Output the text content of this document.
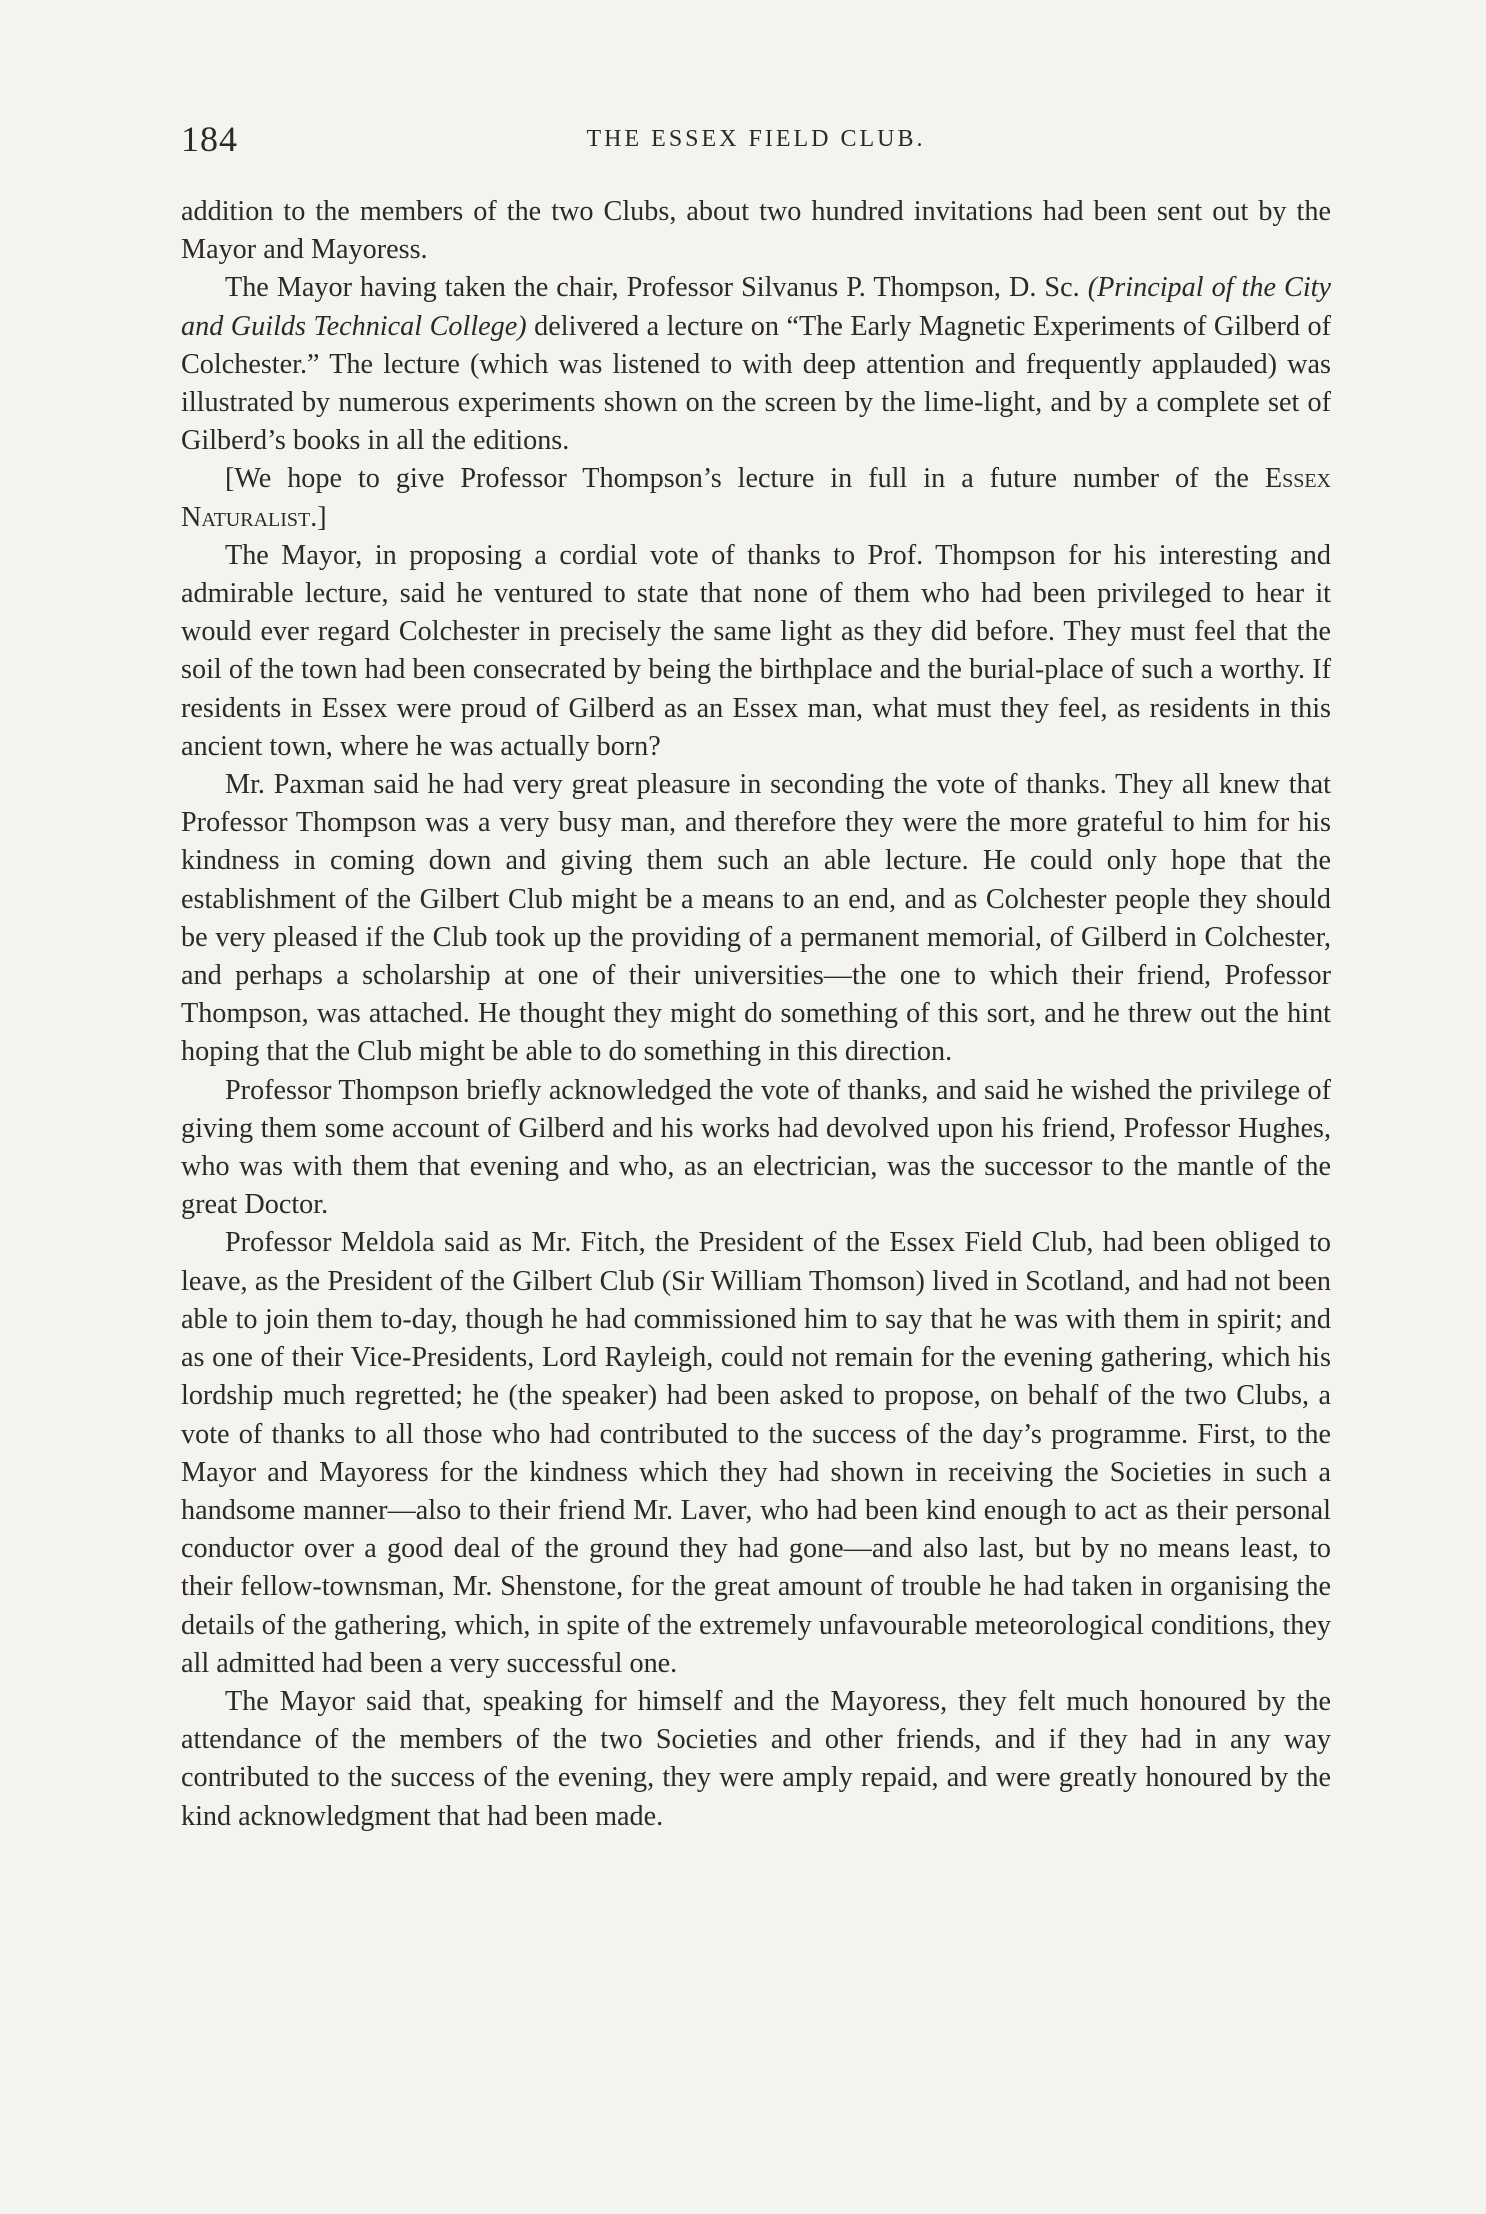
184	THE ESSEX FIELD CLUB.

addition to the members of the two Clubs, about two hundred invitations had been sent out by the Mayor and Mayoress.

The Mayor having taken the chair, Professor Silvanus P. Thompson, D. Sc. (Principal of the City and Guilds Technical College) delivered a lecture on “The Early Magnetic Experiments of Gilberd of Colchester.” The lecture (which was listened to with deep attention and frequently applauded) was illustrated by numerous experiments shown on the screen by the lime-light, and by a complete set of Gilberd’s books in all the editions.

[We hope to give Professor Thompson’s lecture in full in a future number of the Essex Naturalist.]

The Mayor, in proposing a cordial vote of thanks to Prof. Thompson for his interesting and admirable lecture, said he ventured to state that none of them who had been privileged to hear it would ever regard Colchester in precisely the same light as they did before. They must feel that the soil of the town had been consecrated by being the birthplace and the burial-place of such a worthy. If residents in Essex were proud of Gilberd as an Essex man, what must they feel, as residents in this ancient town, where he was actually born?

Mr. Paxman said he had very great pleasure in seconding the vote of thanks. They all knew that Professor Thompson was a very busy man, and therefore they were the more grateful to him for his kindness in coming down and giving them such an able lecture. He could only hope that the establishment of the Gilbert Club might be a means to an end, and as Colchester people they should be very pleased if the Club took up the providing of a permanent memorial, of Gilberd in Colchester, and perhaps a scholarship at one of their universities—the one to which their friend, Professor Thompson, was attached. He thought they might do something of this sort, and he threw out the hint hoping that the Club might be able to do something in this direction.

Professor Thompson briefly acknowledged the vote of thanks, and said he wished the privilege of giving them some account of Gilberd and his works had devolved upon his friend, Professor Hughes, who was with them that evening and who, as an electrician, was the successor to the mantle of the great Doctor.

Professor Meldola said as Mr. Fitch, the President of the Essex Field Club, had been obliged to leave, as the President of the Gilbert Club (Sir William Thomson) lived in Scotland, and had not been able to join them to-day, though he had commissioned him to say that he was with them in spirit; and as one of their Vice-Presidents, Lord Rayleigh, could not remain for the evening gathering, which his lordship much regretted; he (the speaker) had been asked to propose, on behalf of the two Clubs, a vote of thanks to all those who had contributed to the success of the day’s programme. First, to the Mayor and Mayoress for the kindness which they had shown in receiving the Societies in such a handsome manner—also to their friend Mr. Laver, who had been kind enough to act as their personal conductor over a good deal of the ground they had gone—and also last, but by no means least, to their fellow-townsman, Mr. Shenstone, for the great amount of trouble he had taken in organising the details of the gathering, which, in spite of the extremely unfavourable meteorological conditions, they all admitted had been a very successful one.

The Mayor said that, speaking for himself and the Mayoress, they felt much honoured by the attendance of the members of the two Societies and other friends, and if they had in any way contributed to the success of the evening, they were amply repaid, and were greatly honoured by the kind acknowledgment that had been made.
